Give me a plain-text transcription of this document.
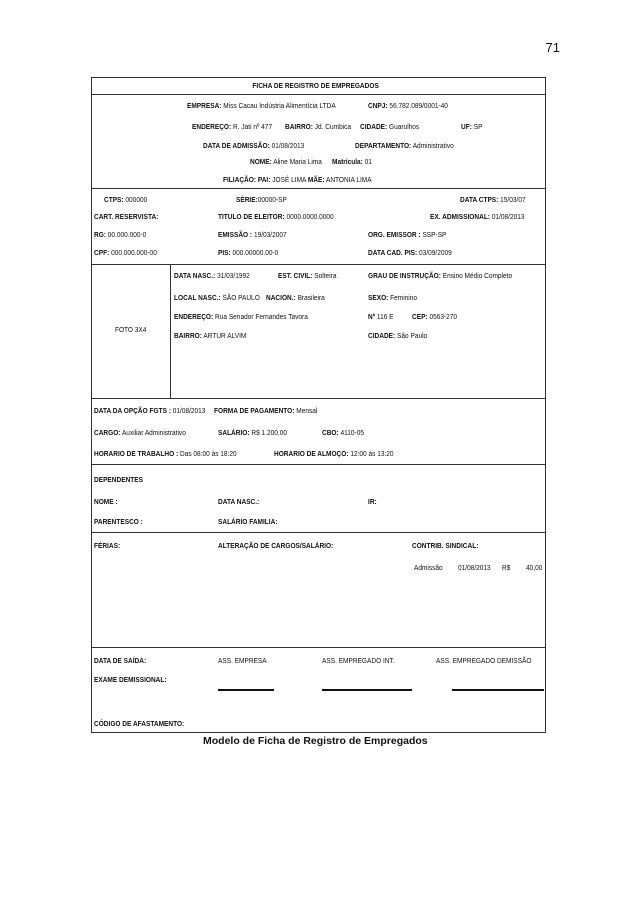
71
FICHA DE REGISTRO DE EMPREGADOS
EMPRESA: Miss Cacau Indústria Alimentícia LTDA	CNPJ: 56.782.089/0001-40
ENDEREÇO: R. Jati nº 477 BAIRRO: Jd. Cumbica CIDADE: Guarulhos	UF: SP
DATA DE ADMISSÃO: 01/08/2013	DEPARTAMENTO: Administrativo
NOME: Aline Maria Lima Matrícula: 01
FILIAÇÃO: PAI: JOSÉ LIMA MÃE: ANTONIA LIMA
CTPS: 000000	SÉRIE:00000-SP	DATA CTPS: 15/03/07
CART. RESERVISTA:	TITULO DE ELEITOR: 0000.0000.0000	EX. ADMISSIONAL: 01/08/2013
RG: 00.000.000-0	EMISSÃO : 19/03/2007	ORG. EMISSOR : SSP-SP
CPF: 000.000.000-00	PIS: 000.00000.00-0	DATA CAD. PIS: 03/09/2009
FOTO 3X4
DATA NASC.: 31/03/1992	EST. CIVIL: Solteira	GRAU DE INSTRUÇÃO: Ensino Médio Completo
LOCAL NASC.: SÃO PAULO NACION.: Brasileira	SEXO: Feminino
ENDEREÇO: Rua Senador Fernandes Tavora	Nº 116 E CEP: 0563-270
BAIRRO: ARTUR ALVIM	CIDADE: São Paulo
DATA DA OPÇÃO FGTS : 01/08/2013 FORMA DE PAGAMENTO: Mensal
CARGO: Auxiliar Administrativo	SALÁRIO: R$ 1.200,00	CBO: 4110-05
HORARIO DE TRABALHO : Das 08:00 às 18:20	HORARIO DE ALMOÇO: 12:00 às 13:20
DEPENDENTES
NOME :	DATA NASC.:	IR:
PARENTESCO :	SALÁRIO FAMILIA:
FÉRIAS:	ALTERAÇÃO DE CARGOS/SALÁRIO:	CONTRIB. SINDICAL:
Admissão 01/08/2013 R$ 40,00
DATA DE SAÍDA:	ASS. EMPRESA	ASS. EMPREGADO INT.	ASS. EMPREGADO DEMISSÃO
EXAME DEMISSIONAL:
CÓDIGO DE AFASTAMENTO:
Modelo de Ficha de Registro de Empregados
